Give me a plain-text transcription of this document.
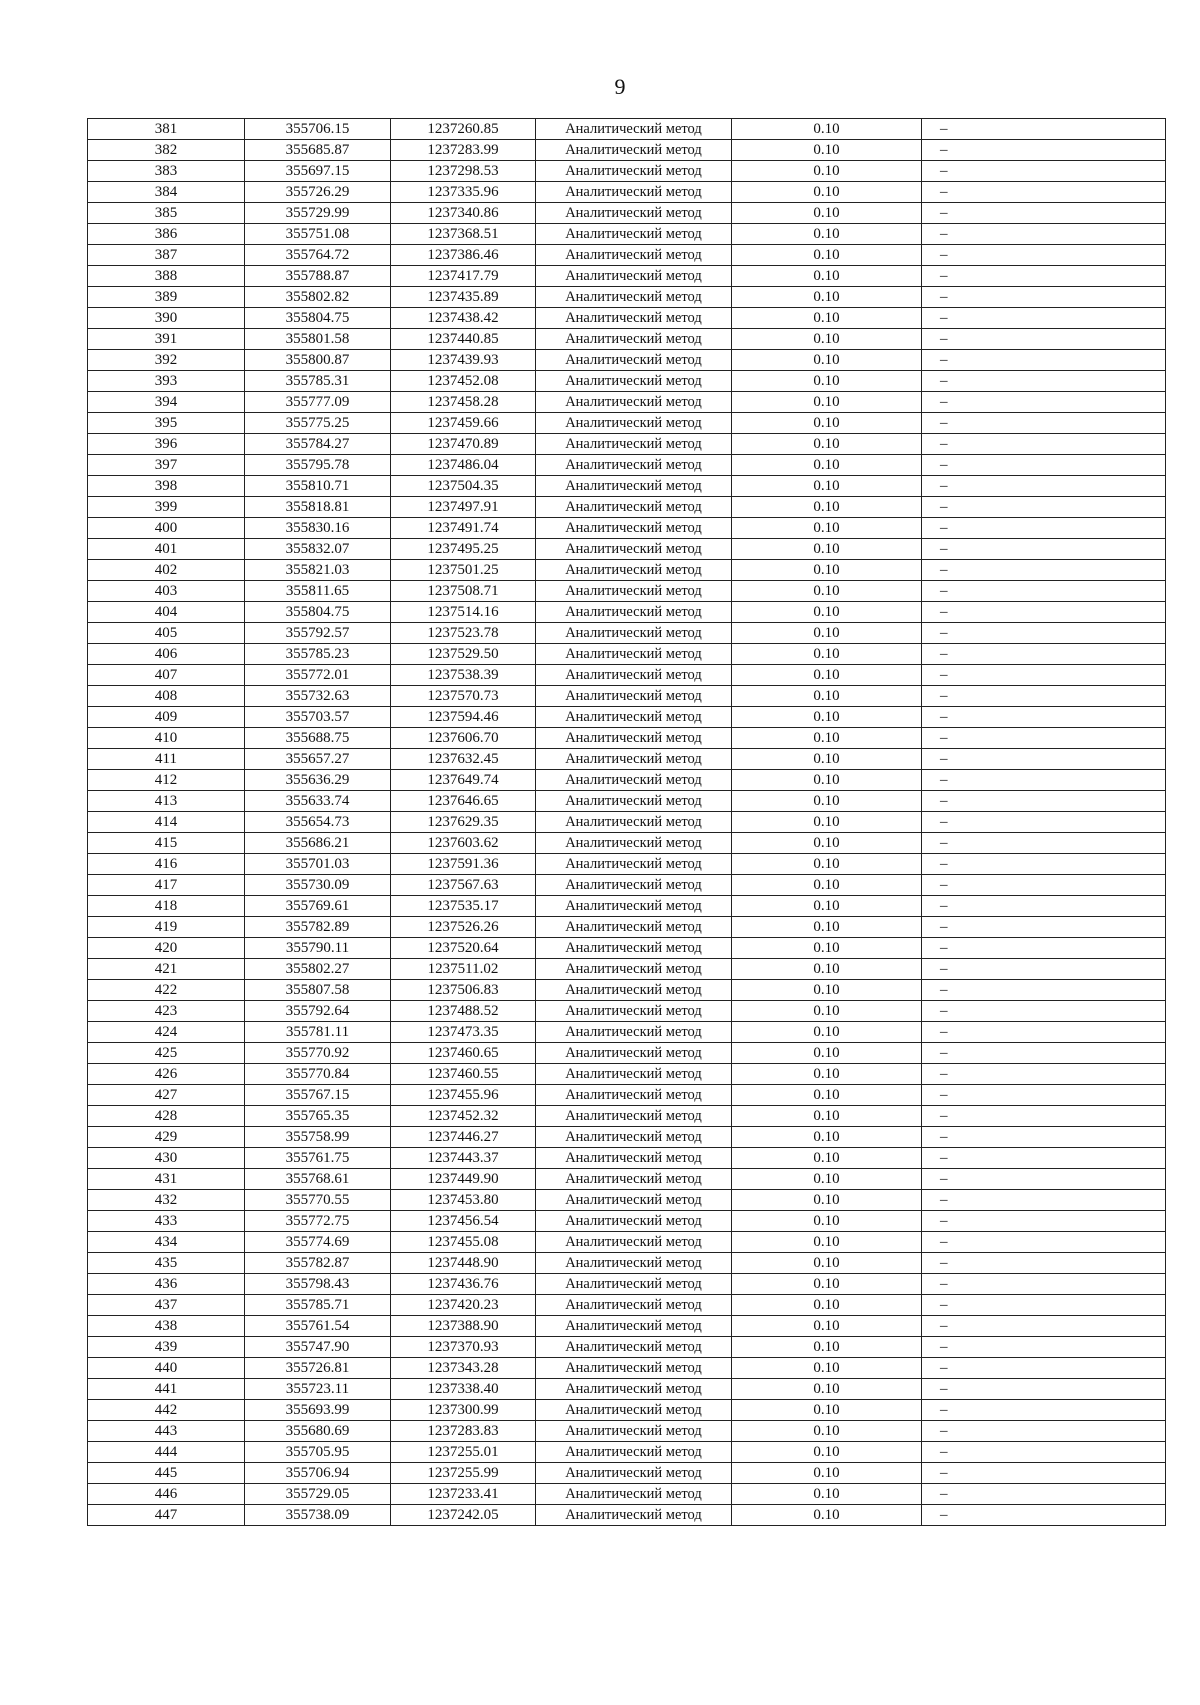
9
381	355706.15	1237260.85	Аналитический метод	0.10	–
382	355685.87	1237283.99	Аналитический метод	0.10	–
383	355697.15	1237298.53	Аналитический метод	0.10	–
384	355726.29	1237335.96	Аналитический метод	0.10	–
385	355729.99	1237340.86	Аналитический метод	0.10	–
386	355751.08	1237368.51	Аналитический метод	0.10	–
387	355764.72	1237386.46	Аналитический метод	0.10	–
388	355788.87	1237417.79	Аналитический метод	0.10	–
389	355802.82	1237435.89	Аналитический метод	0.10	–
390	355804.75	1237438.42	Аналитический метод	0.10	–
391	355801.58	1237440.85	Аналитический метод	0.10	–
392	355800.87	1237439.93	Аналитический метод	0.10	–
393	355785.31	1237452.08	Аналитический метод	0.10	–
394	355777.09	1237458.28	Аналитический метод	0.10	–
395	355775.25	1237459.66	Аналитический метод	0.10	–
396	355784.27	1237470.89	Аналитический метод	0.10	–
397	355795.78	1237486.04	Аналитический метод	0.10	–
398	355810.71	1237504.35	Аналитический метод	0.10	–
399	355818.81	1237497.91	Аналитический метод	0.10	–
400	355830.16	1237491.74	Аналитический метод	0.10	–
401	355832.07	1237495.25	Аналитический метод	0.10	–
402	355821.03	1237501.25	Аналитический метод	0.10	–
403	355811.65	1237508.71	Аналитический метод	0.10	–
404	355804.75	1237514.16	Аналитический метод	0.10	–
405	355792.57	1237523.78	Аналитический метод	0.10	–
406	355785.23	1237529.50	Аналитический метод	0.10	–
407	355772.01	1237538.39	Аналитический метод	0.10	–
408	355732.63	1237570.73	Аналитический метод	0.10	–
409	355703.57	1237594.46	Аналитический метод	0.10	–
410	355688.75	1237606.70	Аналитический метод	0.10	–
411	355657.27	1237632.45	Аналитический метод	0.10	–
412	355636.29	1237649.74	Аналитический метод	0.10	–
413	355633.74	1237646.65	Аналитический метод	0.10	–
414	355654.73	1237629.35	Аналитический метод	0.10	–
415	355686.21	1237603.62	Аналитический метод	0.10	–
416	355701.03	1237591.36	Аналитический метод	0.10	–
417	355730.09	1237567.63	Аналитический метод	0.10	–
418	355769.61	1237535.17	Аналитический метод	0.10	–
419	355782.89	1237526.26	Аналитический метод	0.10	–
420	355790.11	1237520.64	Аналитический метод	0.10	–
421	355802.27	1237511.02	Аналитический метод	0.10	–
422	355807.58	1237506.83	Аналитический метод	0.10	–
423	355792.64	1237488.52	Аналитический метод	0.10	–
424	355781.11	1237473.35	Аналитический метод	0.10	–
425	355770.92	1237460.65	Аналитический метод	0.10	–
426	355770.84	1237460.55	Аналитический метод	0.10	–
427	355767.15	1237455.96	Аналитический метод	0.10	–
428	355765.35	1237452.32	Аналитический метод	0.10	–
429	355758.99	1237446.27	Аналитический метод	0.10	–
430	355761.75	1237443.37	Аналитический метод	0.10	–
431	355768.61	1237449.90	Аналитический метод	0.10	–
432	355770.55	1237453.80	Аналитический метод	0.10	–
433	355772.75	1237456.54	Аналитический метод	0.10	–
434	355774.69	1237455.08	Аналитический метод	0.10	–
435	355782.87	1237448.90	Аналитический метод	0.10	–
436	355798.43	1237436.76	Аналитический метод	0.10	–
437	355785.71	1237420.23	Аналитический метод	0.10	–
438	355761.54	1237388.90	Аналитический метод	0.10	–
439	355747.90	1237370.93	Аналитический метод	0.10	–
440	355726.81	1237343.28	Аналитический метод	0.10	–
441	355723.11	1237338.40	Аналитический метод	0.10	–
442	355693.99	1237300.99	Аналитический метод	0.10	–
443	355680.69	1237283.83	Аналитический метод	0.10	–
444	355705.95	1237255.01	Аналитический метод	0.10	–
445	355706.94	1237255.99	Аналитический метод	0.10	–
446	355729.05	1237233.41	Аналитический метод	0.10	–
447	355738.09	1237242.05	Аналитический метод	0.10	–
